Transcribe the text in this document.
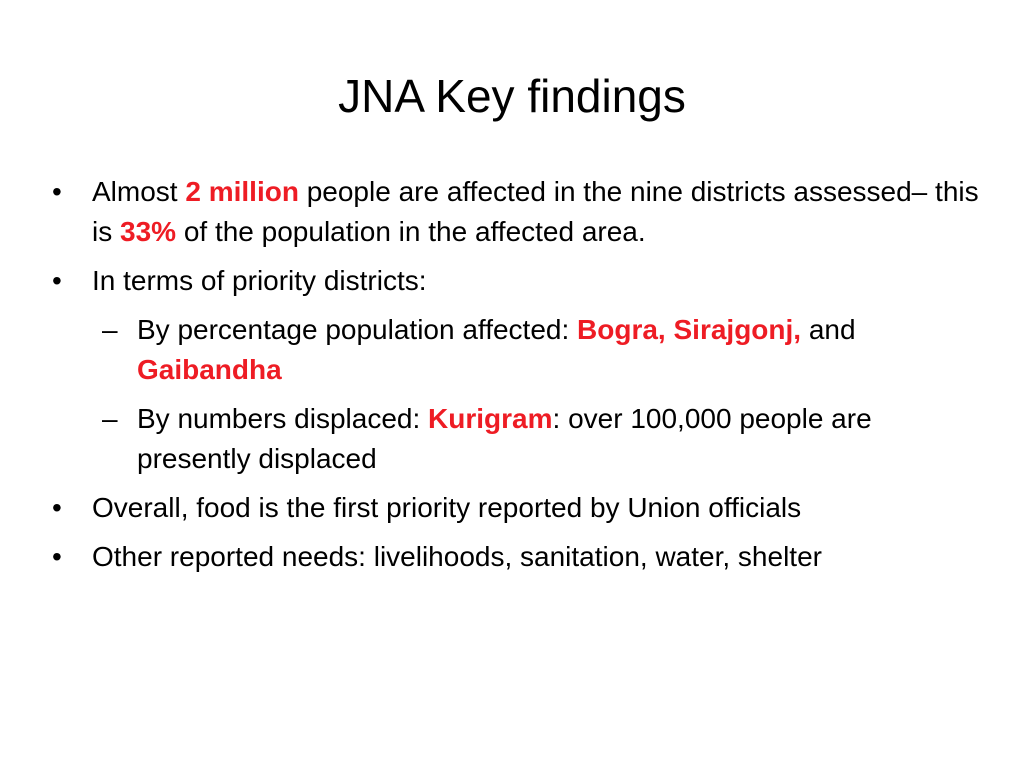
JNA Key findings
• Almost 2 million people are affected in the nine districts assessed– this is 33% of the population in the affected area.
• In terms of priority districts:
– By percentage population affected: Bogra, Sirajgonj, and Gaibandha
– By numbers displaced: Kurigram: over 100,000 people are presently displaced
• Overall, food is the first priority reported by Union officials
• Other reported needs: livelihoods, sanitation, water, shelter
